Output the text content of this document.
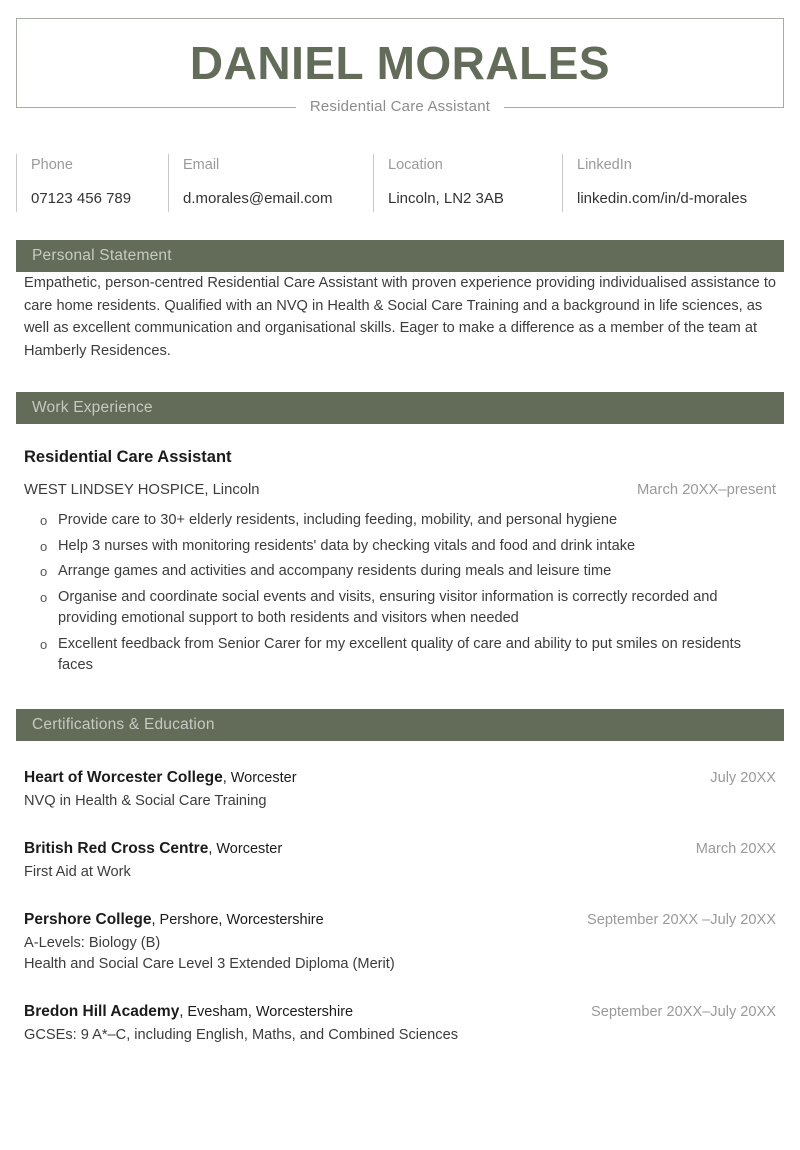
DANIEL MORALES
Residential Care Assistant
Phone
07123 456 789
Email
d.morales@email.com
Location
Lincoln, LN2 3AB
LinkedIn
linkedin.com/in/d-morales
Personal Statement
Empathetic, person-centred Residential Care Assistant with proven experience providing individualised assistance to care home residents. Qualified with an NVQ in Health & Social Care Training and a background in life sciences, as well as excellent communication and organisational skills. Eager to make a difference as a member of the team at Hamberly Residences.
Work Experience
Residential Care Assistant
WEST LINDSEY HOSPICE, Lincoln	March 20XX–present
o Provide care to 30+ elderly residents, including feeding, mobility, and personal hygiene
o Help 3 nurses with monitoring residents' data by checking vitals and food and drink intake
o Arrange games and activities and accompany residents during meals and leisure time
o Organise and coordinate social events and visits, ensuring visitor information is correctly recorded and providing emotional support to both residents and visitors when needed
o Excellent feedback from Senior Carer for my excellent quality of care and ability to put smiles on residents faces
Certifications & Education
Heart of Worcester College, Worcester	July 20XX
NVQ in Health & Social Care Training
British Red Cross Centre, Worcester	March 20XX
First Aid at Work
Pershore College, Pershore, Worcestershire	September 20XX –July 20XX
A-Levels: Biology (B)
Health and Social Care Level 3 Extended Diploma (Merit)
Bredon Hill Academy, Evesham, Worcestershire	September 20XX–July 20XX
GCSEs: 9 A*–C, including English, Maths, and Combined Sciences
